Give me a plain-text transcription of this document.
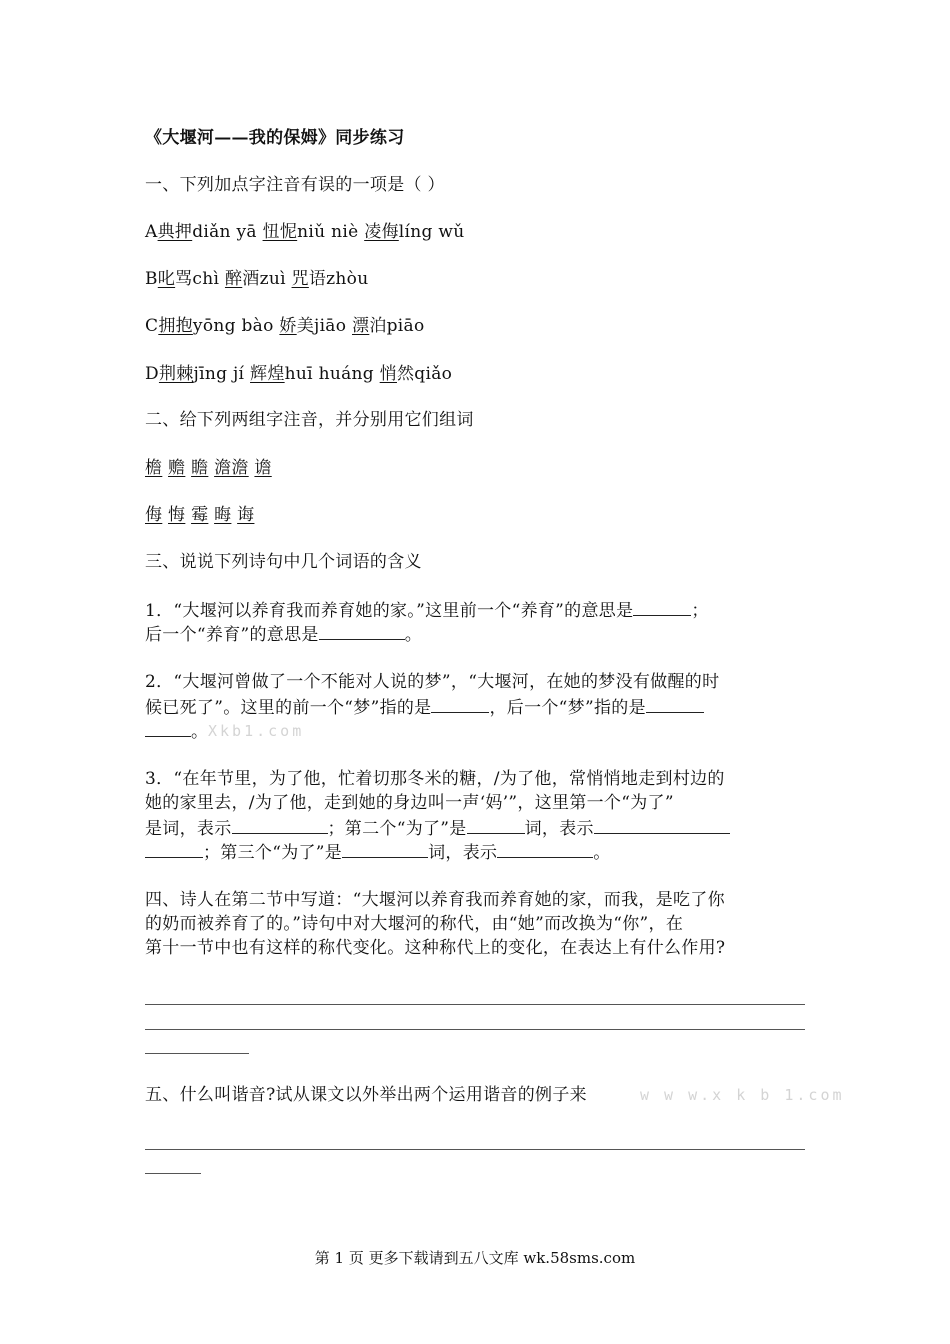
《大堰河——我的保姆》同步练习
一、下列加点字注音有误的一项是（ ）
A典押diǎn yā 忸怩niǔ niè 凌侮líng wǔ
B叱骂chì 醉酒zuì 咒语zhòu
C拥抱yōng bào 娇美jiāo 漂泊piāo
D荆棘jīng jí 辉煌huī huáng 悄然qiǎo
二、给下列两组字注音，并分别用它们组词
檐 赡 瞻 澹澹 谵
侮 悔 霉 晦 诲
三、说说下列诗句中几个词语的含义
1．“大堰河以养育我而养育她的家。”这里前一个“养育”的意思是	；
后一个“养育”的意思是	。
2．“大堰河曾做了一个不能对人说的梦”，“大堰河，在她的梦没有做醒的时
候已死了”。这里的前一个“梦”指的是	，后一个“梦”指的是
。
3．“在年节里，为了他，忙着切那冬米的糖，/为了他，常悄悄地走到村边的
她的家里去，/为了他，走到她的身边叫一声‘妈’”，这里第一个“为了”
是词，表示	；第二个“为了”是	词，表示
；第三个“为了”是	词，表示	。
四、诗人在第二节中写道：“大堰河以养育我而养育她的家，而我，是吃了你
的奶而被养育了的。”诗句中对大堰河的称代，由“她”而改换为“你”，在
第十一节中也有这样的称代变化。这种称代上的变化，在表达上有什么作用?
五、什么叫谐音?试从课文以外举出两个运用谐音的例子来	w w w.x k b 1.com
Xkb1.com
第 1 页 更多下载请到五八文库 wk.58sms.com
